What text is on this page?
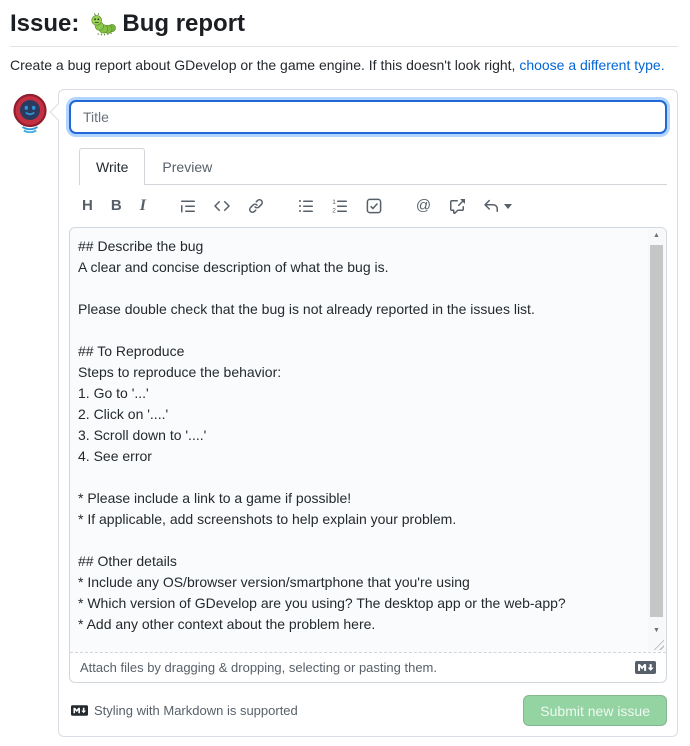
Issue: Bug report

Create a bug report about GDevelop or the game engine. If this doesn't look right, choose a different type.

Title
Write	Preview
H B I	1
2	@
## Describe the bug A clear and concise description of what the bug is. Please double check that the bug is not already reported in the issues list. ## To Reproduce Steps to reproduce the behavior: 1. Go to '...' 2. Click on '....' 3. Scroll down to '....' 4. See error * Please include a link to a game if possible! * If applicable, add screenshots to help explain your problem. ## Other details * Include any OS/browser version/smartphone that you're using * Which version of GDevelop are you using? The desktop app or the web-app? * Add any other context about the problem here.
▲
▼
Attach files by dragging & dropping, selecting or pasting them.
Styling with Markdown is supported	Submit new issue
